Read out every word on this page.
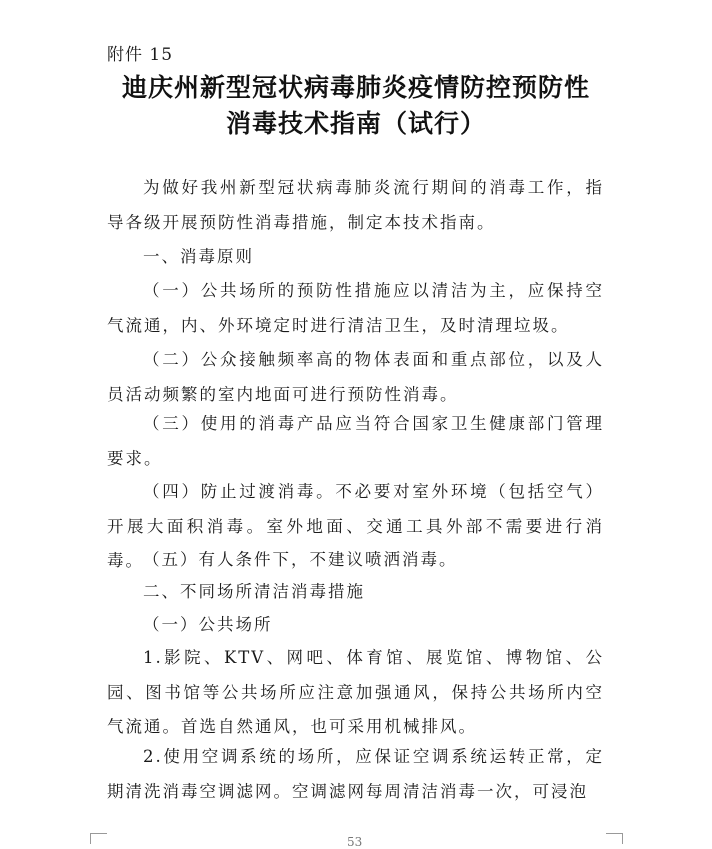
附件 15
迪庆州新型冠状病毒肺炎疫情防控预防性
消毒技术指南（试行）
为做好我州新型冠状病毒肺炎流行期间的消毒工作，指导各级开展预防性消毒措施，制定本技术指南。
一、消毒原则
（一）公共场所的预防性措施应以清洁为主，应保持空气流通，内、外环境定时进行清洁卫生，及时清理垃圾。
（二）公众接触频率高的物体表面和重点部位，以及人员活动频繁的室内地面可进行预防性消毒。
（三）使用的消毒产品应当符合国家卫生健康部门管理要求。
（四）防止过渡消毒。不必要对室外环境（包括空气）开展大面积消毒。室外地面、交通工具外部不需要进行消毒。 （五）有人条件下，不建议喷洒消毒。
二、不同场所清洁消毒措施
（一）公共场所
1.影院、KTV、网吧、体育馆、展览馆、博物馆、公园、图书馆等公共场所应注意加强通风，保持公共场所内空气流通。首选自然通风，也可采用机械排风。
2.使用空调系统的场所，应保证空调系统运转正常，定期清洗消毒空调滤网。空调滤网每周清洁消毒一次，可浸泡
53
